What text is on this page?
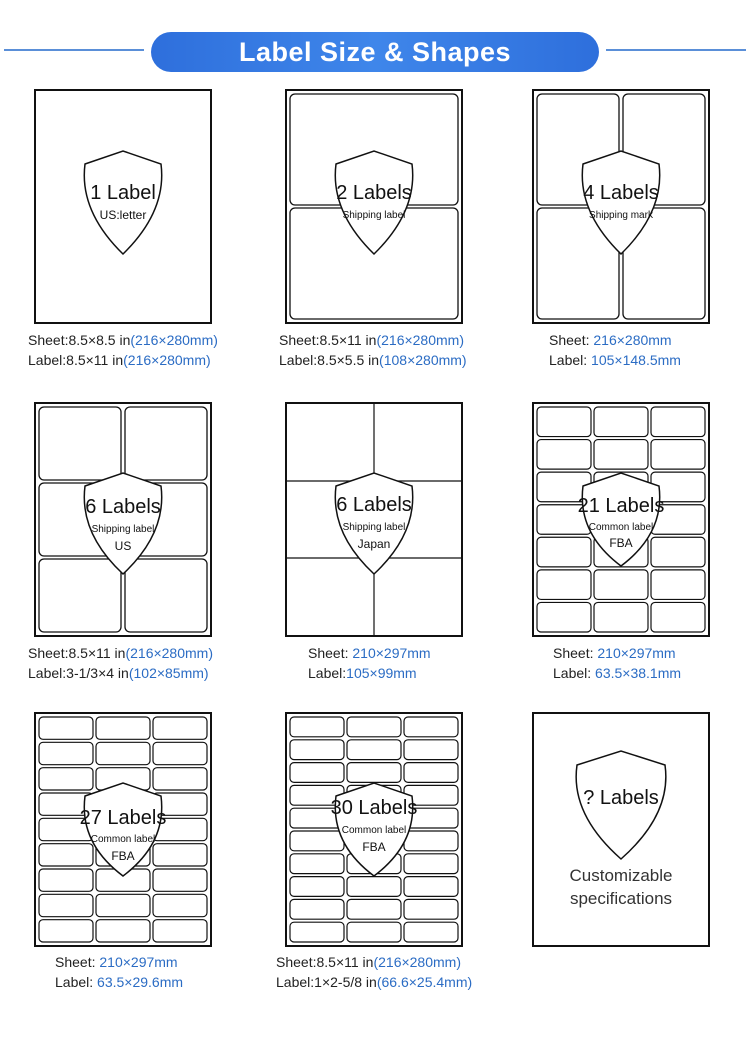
Label Size & Shapes
1 Label
US:letter
Sheet:8.5×8.5 in(216×280mm)
Label:8.5×11 in(216×280mm)
2 Labels
Shipping label
Sheet:8.5×11 in(216×280mm)
Label:8.5×5.5 in(108×280mm)
4 Labels
Shipping mark
Sheet: 216×280mm
Label: 105×148.5mm
6 Labels
Shipping label
US
Sheet:8.5×11 in(216×280mm)
Label:3-1/3×4 in(102×85mm)
6 Labels
Shipping label
Japan
Sheet: 210×297mm
Label:105×99mm
21 Labels
Common label
FBA
Sheet: 210×297mm
Label: 63.5×38.1mm
27 Labels
Common label
FBA
Sheet: 210×297mm
Label: 63.5×29.6mm
30 Labels
Common label
FBA
Sheet:8.5×11 in(216×280mm)
Label:1×2-5/8 in(66.6×25.4mm)
? Labels
Customizable
specifications
